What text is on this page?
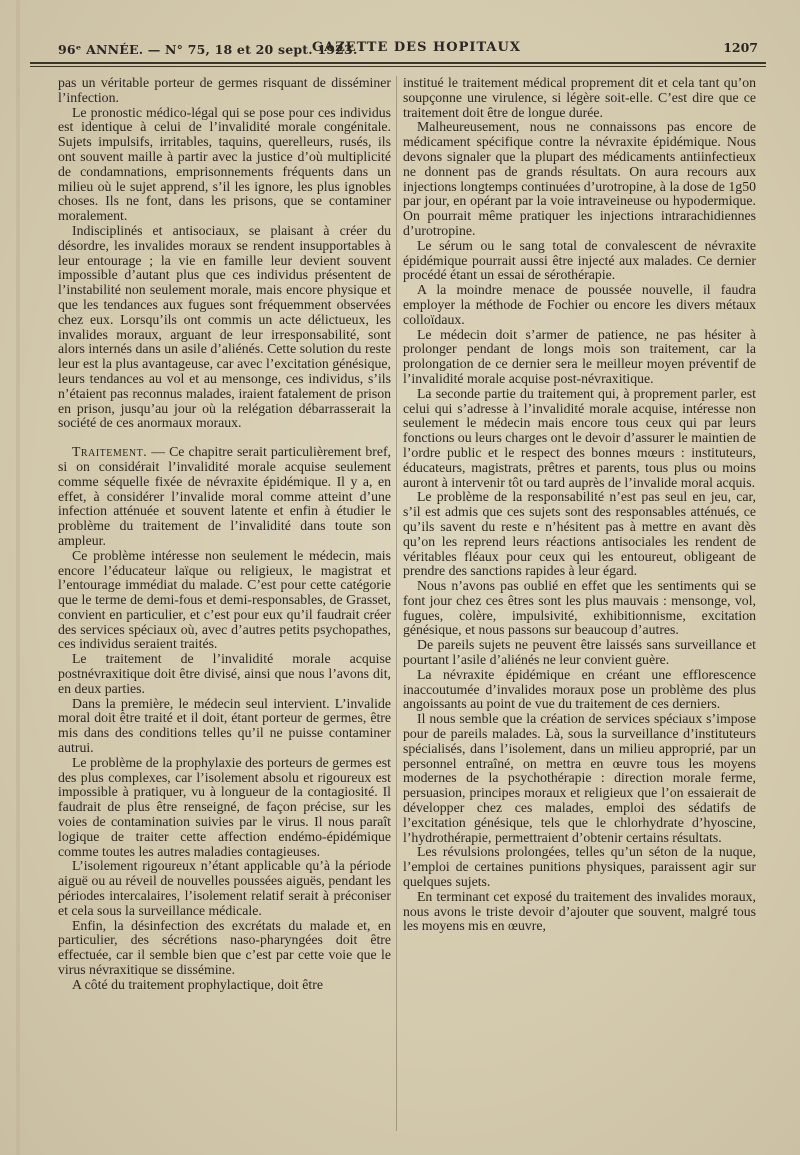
96ᵉ ANNÉE. — N° 75, 18 et 20 sept. 1923.
GAZETTE DES HOPITAUX	1207

pas un véritable porteur de germes risquant de disséminer l’infection.

Le pronostic médico-légal qui se pose pour ces individus est identique à celui de l’invalidité morale congénitale. Sujets impulsifs, irritables, taquins, querelleurs, rusés, ils ont souvent maille à partir avec la justice d’où multiplicité de condamnations, emprisonnements fréquents dans un milieu où le sujet apprend, s’il les ignore, les plus ignobles choses. Ils ne font, dans les prisons, que se contaminer moralement.

Indisciplinés et antisociaux, se plaisant à créer du désordre, les invalides moraux se rendent insupportables à leur entourage ; la vie en famille leur devient souvent impossible d’autant plus que ces individus présentent de l’instabilité non seulement morale, mais encore physique et que les tendances aux fugues sont fréquemment observées chez eux. Lorsqu’ils ont commis un acte délictueux, les invalides moraux, arguant de leur irresponsabilité, sont alors internés dans un asile d’aliénés. Cette solution du reste leur est la plus avantageuse, car avec l’excitation génésique, leurs tendances au vol et au mensonge, ces individus, s’ils n’étaient pas reconnus malades, iraient fatalement de prison en prison, jusqu’au jour où la relégation débarrasserait la société de ces anormaux moraux.

Traitement. — Ce chapitre serait particulièrement bref, si on considérait l’invalidité morale acquise seulement comme séquelle fixée de névraxite épidémique. Il y a, en effet, à considérer l’invalide moral comme atteint d’une infection atténuée et souvent latente et enfin à étudier le problème du traitement de l’invalidité dans toute son ampleur.

Ce problème intéresse non seulement le médecin, mais encore l’éducateur laïque ou religieux, le magistrat et l’entourage immédiat du malade. C’est pour cette catégorie que le terme de demi-fous et demi-responsables, de Grasset, convient en particulier, et c’est pour eux qu’il faudrait créer des services spéciaux où, avec d’autres petits psychopathes, ces individus seraient traités.

Le traitement de l’invalidité morale acquise postnévraxitique doit être divisé, ainsi que nous l’avons dit, en deux parties.

Dans la première, le médecin seul intervient. L’invalide moral doit être traité et il doit, étant porteur de germes, être mis dans des conditions telles qu’il ne puisse contaminer autrui.

Le problème de la prophylaxie des porteurs de germes est des plus complexes, car l’isolement absolu et rigoureux est impossible à pratiquer, vu à longueur de la contagiosité. Il faudrait de plus être renseigné, de façon précise, sur les voies de contamination suivies par le virus. Il nous paraît logique de traiter cette affection endémo-épidémique comme toutes les autres maladies contagieuses.

L’isolement rigoureux n’étant applicable qu’à la période aiguë ou au réveil de nouvelles poussées aiguës, pendant les périodes intercalaires, l’isolement relatif serait à préconiser et cela sous la surveillance médicale.

Enfin, la désinfection des excrétats du malade et, en particulier, des sécrétions naso-pharyngées doit être effectuée, car il semble bien que c’est par cette voie que le virus névraxitique se dissémine.

A côté du traitement prophylactique, doit être

institué le traitement médical proprement dit et cela tant qu’on soupçonne une virulence, si légère soit-elle. C’est dire que ce traitement doit être de longue durée.

Malheureusement, nous ne connaissons pas encore de médicament spécifique contre la névraxite épidémique. Nous devons signaler que la plupart des médicaments antiinfectieux ne donnent pas de grands résultats. On aura recours aux injections longtemps continuées d’urotropine, à la dose de 1g50 par jour, en opérant par la voie intraveineuse ou hypodermique. On pourrait même pratiquer les injections intrarachidiennes d’urotropine.

Le sérum ou le sang total de convalescent de névraxite épidémique pourrait aussi être injecté aux malades. Ce dernier procédé étant un essai de sérothérapie.

A la moindre menace de poussée nouvelle, il faudra employer la méthode de Fochier ou encore les divers métaux colloïdaux.

Le médecin doit s’armer de patience, ne pas hésiter à prolonger pendant de longs mois son traitement, car la prolongation de ce dernier sera le meilleur moyen préventif de l’invalidité morale acquise post-névraxitique.

La seconde partie du traitement qui, à proprement parler, est celui qui s’adresse à l’invalidité morale acquise, intéresse non seulement le médecin mais encore tous ceux qui par leurs fonctions ou leurs charges ont le devoir d’assurer le maintien de l’ordre public et le respect des bonnes mœurs : instituteurs, éducateurs, magistrats, prêtres et parents, tous plus ou moins auront à intervenir tôt ou tard auprès de l’invalide moral acquis.

Le problème de la responsabilité n’est pas seul en jeu, car, s’il est admis que ces sujets sont des responsables atténués, ce qu’ils savent du reste e n’hésitent pas à mettre en avant dès qu’on les reprend leurs réactions antisociales les rendent de véritables fléaux pour ceux qui les entoureut, obligeant de prendre des sanctions rapides à leur égard.

Nous n’avons pas oublié en effet que les sentiments qui se font jour chez ces êtres sont les plus mauvais : mensonge, vol, fugues, colère, impulsivité, exhibitionnisme, excitation génésique, et nous passons sur beaucoup d’autres.

De pareils sujets ne peuvent être laissés sans surveillance et pourtant l’asile d’aliénés ne leur convient guère.

La névraxite épidémique en créant une efflorescence inaccoutumée d’invalides moraux pose un problème des plus angoissants au point de vue du traitement de ces derniers.

Il nous semble que la création de services spéciaux s’impose pour de pareils malades. Là, sous la surveillance d’instituteurs spécialisés, dans l’isolement, dans un milieu approprié, par un personnel entraîné, on mettra en œuvre tous les moyens modernes de la psychothérapie : direction morale ferme, persuasion, principes moraux et religieux que l’on essaierait de développer chez ces malades, emploi des sédatifs de l’excitation génésique, tels que le chlorhydrate d’hyoscine, l’hydrothérapie, permettraient d’obtenir certains résultats.

Les révulsions prolongées, telles qu’un séton de la nuque, l’emploi de certaines punitions physiques, paraissent agir sur quelques sujets.

En terminant cet exposé du traitement des invalides moraux, nous avons le triste devoir d’ajouter que souvent, malgré tous les moyens mis en œuvre,
